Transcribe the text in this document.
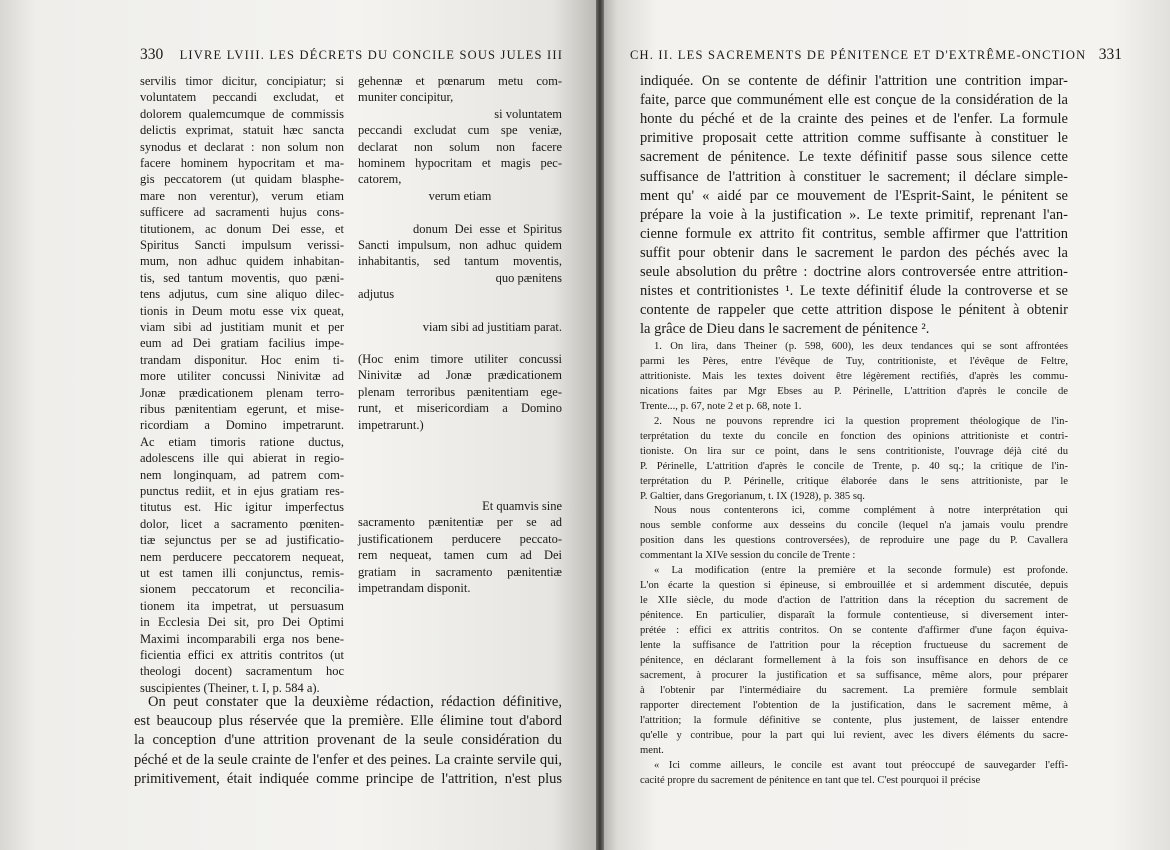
330 LIVRE LVIII. LES DÉCRETS DU CONCILE SOUS JULES III
servilis timor dicitur, concipiatur; si
voluntatem peccandi excludat, et
dolorem qualemcumque de commissis
delictis exprimat, statuit hæc sancta
synodus et declarat : non solum non
facere hominem hypocritam et ma-
gis peccatorem (ut quidam blasphe-
mare non verentur), verum etiam
sufficere ad sacramenti hujus cons-
titutionem, ac donum Dei esse, et
Spiritus Sancti impulsum verissi-
mum, non adhuc quidem inhabitan-
tis, sed tantum moventis, quo pæni-
tens adjutus, cum sine aliquo dilec-
tionis in Deum motu esse vix queat,
viam sibi ad justitiam munit et per
eum ad Dei gratiam facilius impe-
trandam disponitur. Hoc enim ti-
more utiliter concussi Ninivitæ ad
Jonæ prædicationem plenam terro-
ribus pænitentiam egerunt, et mise-
ricordiam a Domino impetrarunt.
Ac etiam timoris ratione ductus,
adolescens ille qui abierat in regio-
nem longinquam, ad patrem com-
punctus rediit, et in ejus gratiam res-
titutus est. Hic igitur imperfectus
dolor, licet a sacramento pœniten-
tiæ sejunctus per se ad justificatio-
nem perducere peccatorem nequeat,
ut est tamen illi conjunctus, remis-
sionem peccatorum et reconcilia-
tionem ita impetrat, ut persuasum
in Ecclesia Dei sit, pro Dei Optimi
Maximi incomparabili erga nos bene-
ficientia effici ex attritis contritos (ut
theologi docent) sacramentum hoc
suscipientes (Theiner, t. I, p. 584 a).
gehennæ et pœnarum metu com-
muniter concipitur,
si voluntatem
peccandi excludat cum spe veniæ,
declarat non solum non facere
hominem hypocritam et magis pec-
catorem,
verum etiam
donum Dei esse et Spiritus
Sancti impulsum, non adhuc quidem
inhabitantis, sed tantum moventis,
quo pænitens
adjutus
viam sibi ad justitiam parat.
(Hoc enim timore utiliter concussi
Ninivitæ ad Jonæ prædicationem
plenam terroribus pænitentiam ege-
runt, et misericordiam a Domino
impetrarunt.)
Et quamvis sine
sacramento pænitentiæ per se ad
justificationem perducere peccato-
rem nequeat, tamen cum ad Dei
gratiam in sacramento pænitentiæ
impetrandam disponit.
On peut constater que la deuxième rédaction, rédaction définitive,
est beaucoup plus réservée que la première. Elle élimine tout d'abord
la conception d'une attrition provenant de la seule considération du
péché et de la seule crainte de l'enfer et des peines. La crainte servile qui,
primitivement, était indiquée comme principe de l'attrition, n'est plus
CH. II. LES SACREMENTS DE PÉNITENCE ET D'EXTRÊME-ONCTION 331
indiquée. On se contente de définir l'attrition une contrition impar-
faite, parce que communément elle est conçue de la considération de la
honte du péché et de la crainte des peines et de l'enfer. La formule
primitive proposait cette attrition comme suffisante à constituer le
sacrement de pénitence. Le texte définitif passe sous silence cette
suffisance de l'attrition à constituer le sacrement; il déclare simple-
ment qu' « aidé par ce mouvement de l'Esprit-Saint, le pénitent se
prépare la voie à la justification ». Le texte primitif, reprenant l'an-
cienne formule ex attrito fit contritus, semble affirmer que l'attrition
suffit pour obtenir dans le sacrement le pardon des péchés avec la
seule absolution du prêtre : doctrine alors controversée entre attrition-
nistes et contritionistes ¹. Le texte définitif élude la controverse et se
contente de rappeler que cette attrition dispose le pénitent à obtenir
la grâce de Dieu dans le sacrement de pénitence ².
1. On lira, dans Theiner (p. 598, 600), les deux tendances qui se sont affrontées
parmi les Pères, entre l'évêque de Tuy, contritioniste, et l'évêque de Feltre,
attritioniste. Mais les textes doivent être légèrement rectifiés, d'après les commu-
nications faites par Mgr Ebses au P. Périnelle, L'attrition d'après le concile de
Trente..., p. 67, note 2 et p. 68, note 1.
2. Nous ne pouvons reprendre ici la question proprement théologique de l'in-
terprétation du texte du concile en fonction des opinions attritioniste et contri-
tioniste. On lira sur ce point, dans le sens contritioniste, l'ouvrage déjà cité du
P. Périnelle, L'attrition d'après le concile de Trente, p. 40 sq.; la critique de l'in-
terprétation du P. Périnelle, critique élaborée dans le sens attritioniste, par le
P. Galtier, dans Gregorianum, t. IX (1928), p. 385 sq.
Nous nous contenterons ici, comme complément à notre interprétation qui
nous semble conforme aux desseins du concile (lequel n'a jamais voulu prendre
position dans les questions controversées), de reproduire une page du P. Cavallera
commentant la XIVe session du concile de Trente :
« La modification (entre la première et la seconde formule) est profonde.
L'on écarte la question si épineuse, si embrouillée et si ardemment discutée, depuis
le XIIe siècle, du mode d'action de l'attrition dans la réception du sacrement de
pénitence. En particulier, disparaît la formule contentieuse, si diversement inter-
prétée : effici ex attritis contritos. On se contente d'affirmer d'une façon équiva-
lente la suffisance de l'attrition pour la réception fructueuse du sacrement de
pénitence, en déclarant formellement à la fois son insuffisance en dehors de ce
sacrement, à procurer la justification et sa suffisance, même alors, pour préparer
à l'obtenir par l'intermédiaire du sacrement. La première formule semblait
rapporter directement l'obtention de la justification, dans le sacrement même, à
l'attrition; la formule définitive se contente, plus justement, de laisser entendre
qu'elle y contribue, pour la part qui lui revient, avec les divers éléments du sacre-
ment.
« Ici comme ailleurs, le concile est avant tout préoccupé de sauvegarder l'effi-
cacité propre du sacrement de pénitence en tant que tel. C'est pourquoi il précise
